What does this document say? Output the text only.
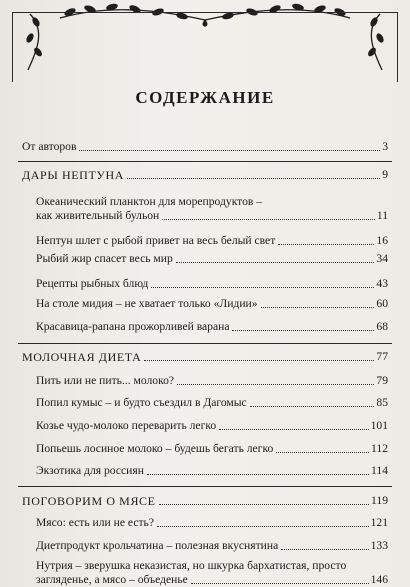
СОДЕРЖАНИЕ
От авторов	3
ДАРЫ НЕПТУНА	9
Океанический планктон для морепродуктов –
как живительный бульон	11
Нептун шлет с рыбой привет на весь белый свет	16
Рыбий жир спасет весь мир	34
Рецепты рыбных блюд	43
На столе мидия – не хватает только «Лидии»	60
Красавица-рапана прожорливей варана	68
МОЛОЧНАЯ ДИЕТА	77
Пить или не пить... молоко?	79
Попил кумыс – и будто съездил в Дагомыс	85
Козье чудо-молоко переварить легко	101
Попьешь лосиное молоко – будешь бегать легко	112
Экзотика для россиян	114
ПОГОВОРИМ О МЯСЕ	119
Мясо: есть или не есть?	121
Диетпродукт крольчатина – полезная вкуснятина	133
Нутрия – зверушка неказистая, но шкурка бархатистая, просто
загляденье, а мясо – объеденье	146
